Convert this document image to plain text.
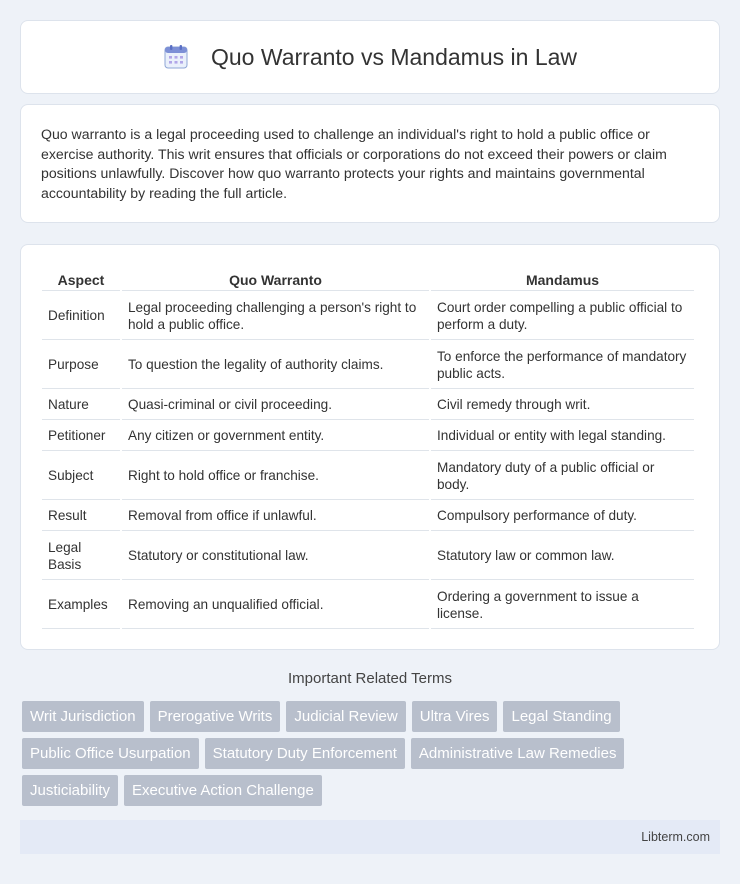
Quo Warranto vs Mandamus in Law

Quo warranto is a legal proceeding used to challenge an individual's right to hold a public office or exercise authority. This writ ensures that officials or corporations do not exceed their powers or claim positions unlawfully. Discover how quo warranto protects your rights and maintains governmental accountability by reading the full article.

Aspect	Quo Warranto	Mandamus
Definition	Legal proceeding challenging a person's right to hold a public office.	Court order compelling a public official to perform a duty.
Purpose	To question the legality of authority claims.	To enforce the performance of mandatory public acts.
Nature	Quasi-criminal or civil proceeding.	Civil remedy through writ.
Petitioner	Any citizen or government entity.	Individual or entity with legal standing.
Subject	Right to hold office or franchise.	Mandatory duty of a public official or body.
Result	Removal from office if unlawful.	Compulsory performance of duty.
Legal Basis	Statutory or constitutional law.	Statutory law or common law.
Examples	Removing an unqualified official.	Ordering a government to issue a license.
Important Related Terms
Writ Jurisdiction	Prerogative Writs	Judicial Review	Ultra Vires	Legal Standing
Public Office Usurpation	Statutory Duty Enforcement	Administrative Law Remedies
Justiciability	Executive Action Challenge
Libterm.com
